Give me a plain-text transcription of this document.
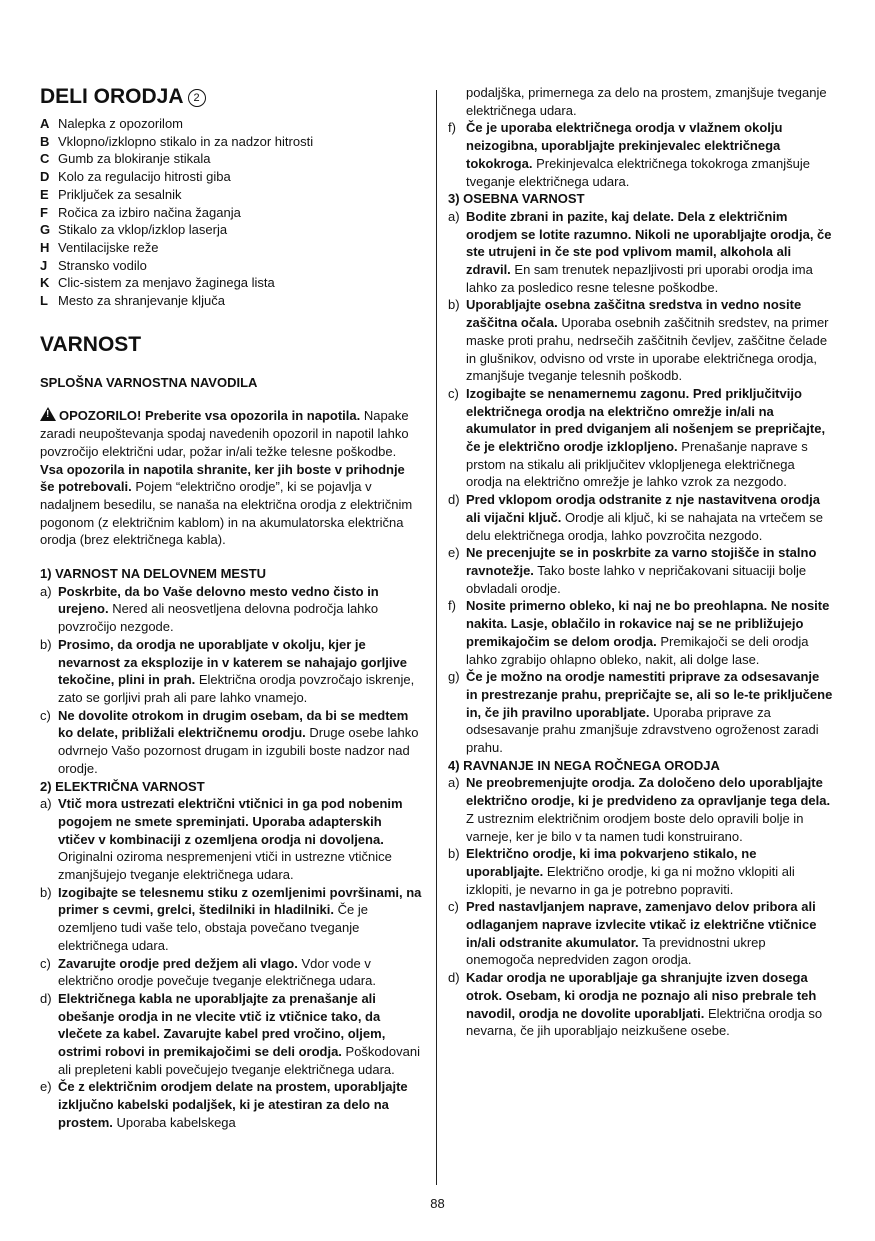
DELI ORODJA 2
A Nalepka z opozorilom
B Vklopno/izklopno stikalo in za nadzor hitrosti
C Gumb za blokiranje stikala
D Kolo za regulacijo hitrosti giba
E Priključek za sesalnik
F Ročica za izbiro načina žaganja
G Stikalo za vklop/izklop laserja
H Ventilacijske reže
J Stransko vodilo
K Clic-sistem za menjavo žaginega lista
L Mesto za shranjevanje ključa
VARNOST

SPLOŠNA VARNOSTNA NAVODILA

!OPOZORILO! Preberite vsa opozorila in napotila. Napake zaradi neupoštevanja spodaj navedenih opozoril in napotil lahko povzročijo električni udar, požar in/ali težke telesne poškodbe. Vsa opozorila in napotila shranite, ker jih boste v prihodnje še potrebovali. Pojem “električno orodje”, ki se pojavlja v nadaljnem besedilu, se nanaša na električna orodja z električnim pogonom (z električnim kablom) in na akumulatorska električna orodja (brez električnega kabla).

1) VARNOST NA DELOVNEM MESTU

a) Poskrbite, da bo Vaše delovno mesto vedno čisto in urejeno. Nered ali neosvetljena delovna področja lahko povzročijo nezgode.
b) Prosimo, da orodja ne uporabljate v okolju, kjer je nevarnost za eksplozije in v katerem se nahajajo gorljive tekočine, plini in prah. Električna orodja povzročajo iskrenje, zato se gorljivi prah ali pare lahko vnamejo.
c) Ne dovolite otrokom in drugim osebam, da bi se medtem ko delate, približali električnemu orodju. Druge osebe lahko odvrnejo Vašo pozornost drugam in izgubili boste nadzor nad orodje.

2) ELEKTRIČNA VARNOST

a) Vtič mora ustrezati električni vtičnici in ga pod nobenim pogojem ne smete spreminjati. Uporaba adapterskih vtičev v kombinaciji z ozemljena orodja ni dovoljena. Originalni oziroma nespremenjeni vtiči in ustrezne vtičnice zmanjšujejo tveganje električnega udara.
b) Izogibajte se telesnemu stiku z ozemljenimi površinami, na primer s cevmi, grelci, štedilniki in hladilniki. Če je ozemljeno tudi vaše telo, obstaja povečano tveganje električnega udara.
c) Zavarujte orodje pred dežjem ali vlago. Vdor vode v električno orodje povečuje tveganje električnega udara.
d) Električnega kabla ne uporabljajte za prenašanje ali obešanje orodja in ne vlecite vtič iz vtičnice tako, da vlečete za kabel. Zavarujte kabel pred vročino, oljem, ostrimi robovi in premikajočimi se deli orodja. Poškodovani ali prepleteni kabli povečujejo tveganje električnega udara.
e) Če z električnim orodjem delate na prostem, uporabljajte izključno kabelski podaljšek, ki je atestiran za delo na prostem. Uporaba kabelskega
podaljška, primernega za delo na prostem, zmanjšuje tveganje električnega udara.
f) Če je uporaba električnega orodja v vlažnem okolju neizogibna, uporabljajte prekinjevalec električnega tokokroga. Prekinjevalca električnega tokokroga zmanjšuje tveganje električnega udara.

3) OSEBNA VARNOST

a) Bodite zbrani in pazite, kaj delate. Dela z električnim orodjem se lotite razumno. Nikoli ne uporabljajte orodja, če ste utrujeni in če ste pod vplivom mamil, alkohola ali zdravil. En sam trenutek nepazljivosti pri uporabi orodja ima lahko za posledico resne telesne poškodbe.
b) Uporabljajte osebna zaščitna sredstva in vedno nosite zaščitna očala. Uporaba osebnih zaščitnih sredstev, na primer maske proti prahu, nedrsečih zaščitnih čevljev, zaščitne čelade in glušnikov, odvisno od vrste in uporabe električnega orodja, zmanjšuje tveganje telesnih poškodb.
c) Izogibajte se nenamernemu zagonu. Pred priključitvijo električnega orodja na električno omrežje in/ali na akumulator in pred dviganjem ali nošenjem se prepričajte, če je električno orodje izklopljeno. Prenašanje naprave s prstom na stikalu ali priključitev vklopljenega električnega orodja na električno omrežje je lahko vzrok za nezgodo.
d) Pred vklopom orodja odstranite z nje nastavitvena orodja ali vijačni ključ. Orodje ali ključ, ki se nahajata na vrtečem se delu električnega orodja, lahko povzročita nezgodo.
e) Ne precenjujte se in poskrbite za varno stojišče in stalno ravnotežje. Tako boste lahko v nepričakovani situaciji bolje obvladali orodje.
f) Nosite primerno obleko, ki naj ne bo preohlapna. Ne nosite nakita. Lasje, oblačilo in rokavice naj se ne približujejo premikajočim se delom orodja. Premikajoči se deli orodja lahko zgrabijo ohlapno obleko, nakit, ali dolge lase.
g) Če je možno na orodje namestiti priprave za odsesavanje in prestrezanje prahu, prepričajte se, ali so le-te priključene in, če jih pravilno uporabljate. Uporaba priprave za odsesavanje prahu zmanjšuje zdravstveno ogroženost zaradi prahu.

4) RAVNANJE IN NEGA ROČNEGA ORODJA

a) Ne preobremenjujte orodja. Za določeno delo uporabljajte električno orodje, ki je predvideno za opravljanje tega dela. Z ustreznim električnim orodjem boste delo opravili bolje in varneje, ker je bilo v ta namen tudi konstruirano.
b) Električno orodje, ki ima pokvarjeno stikalo, ne uporabljajte. Električno orodje, ki ga ni možno vklopiti ali izklopiti, je nevarno in ga je potrebno popraviti.
c) Pred nastavljanjem naprave, zamenjavo delov pribora ali odlaganjem naprave izvlecite vtikač iz električne vtičnice in/ali odstranite akumulator. Ta previdnostni ukrep onemogoča nepredviden zagon orodja.
d) Kadar orodja ne uporabljaje ga shranjujte izven dosega otrok. Osebam, ki orodja ne poznajo ali niso prebrale teh navodil, orodja ne dovolite uporabljati. Električna orodja so nevarna, če jih uporabljajo neizkušene osebe.
88
